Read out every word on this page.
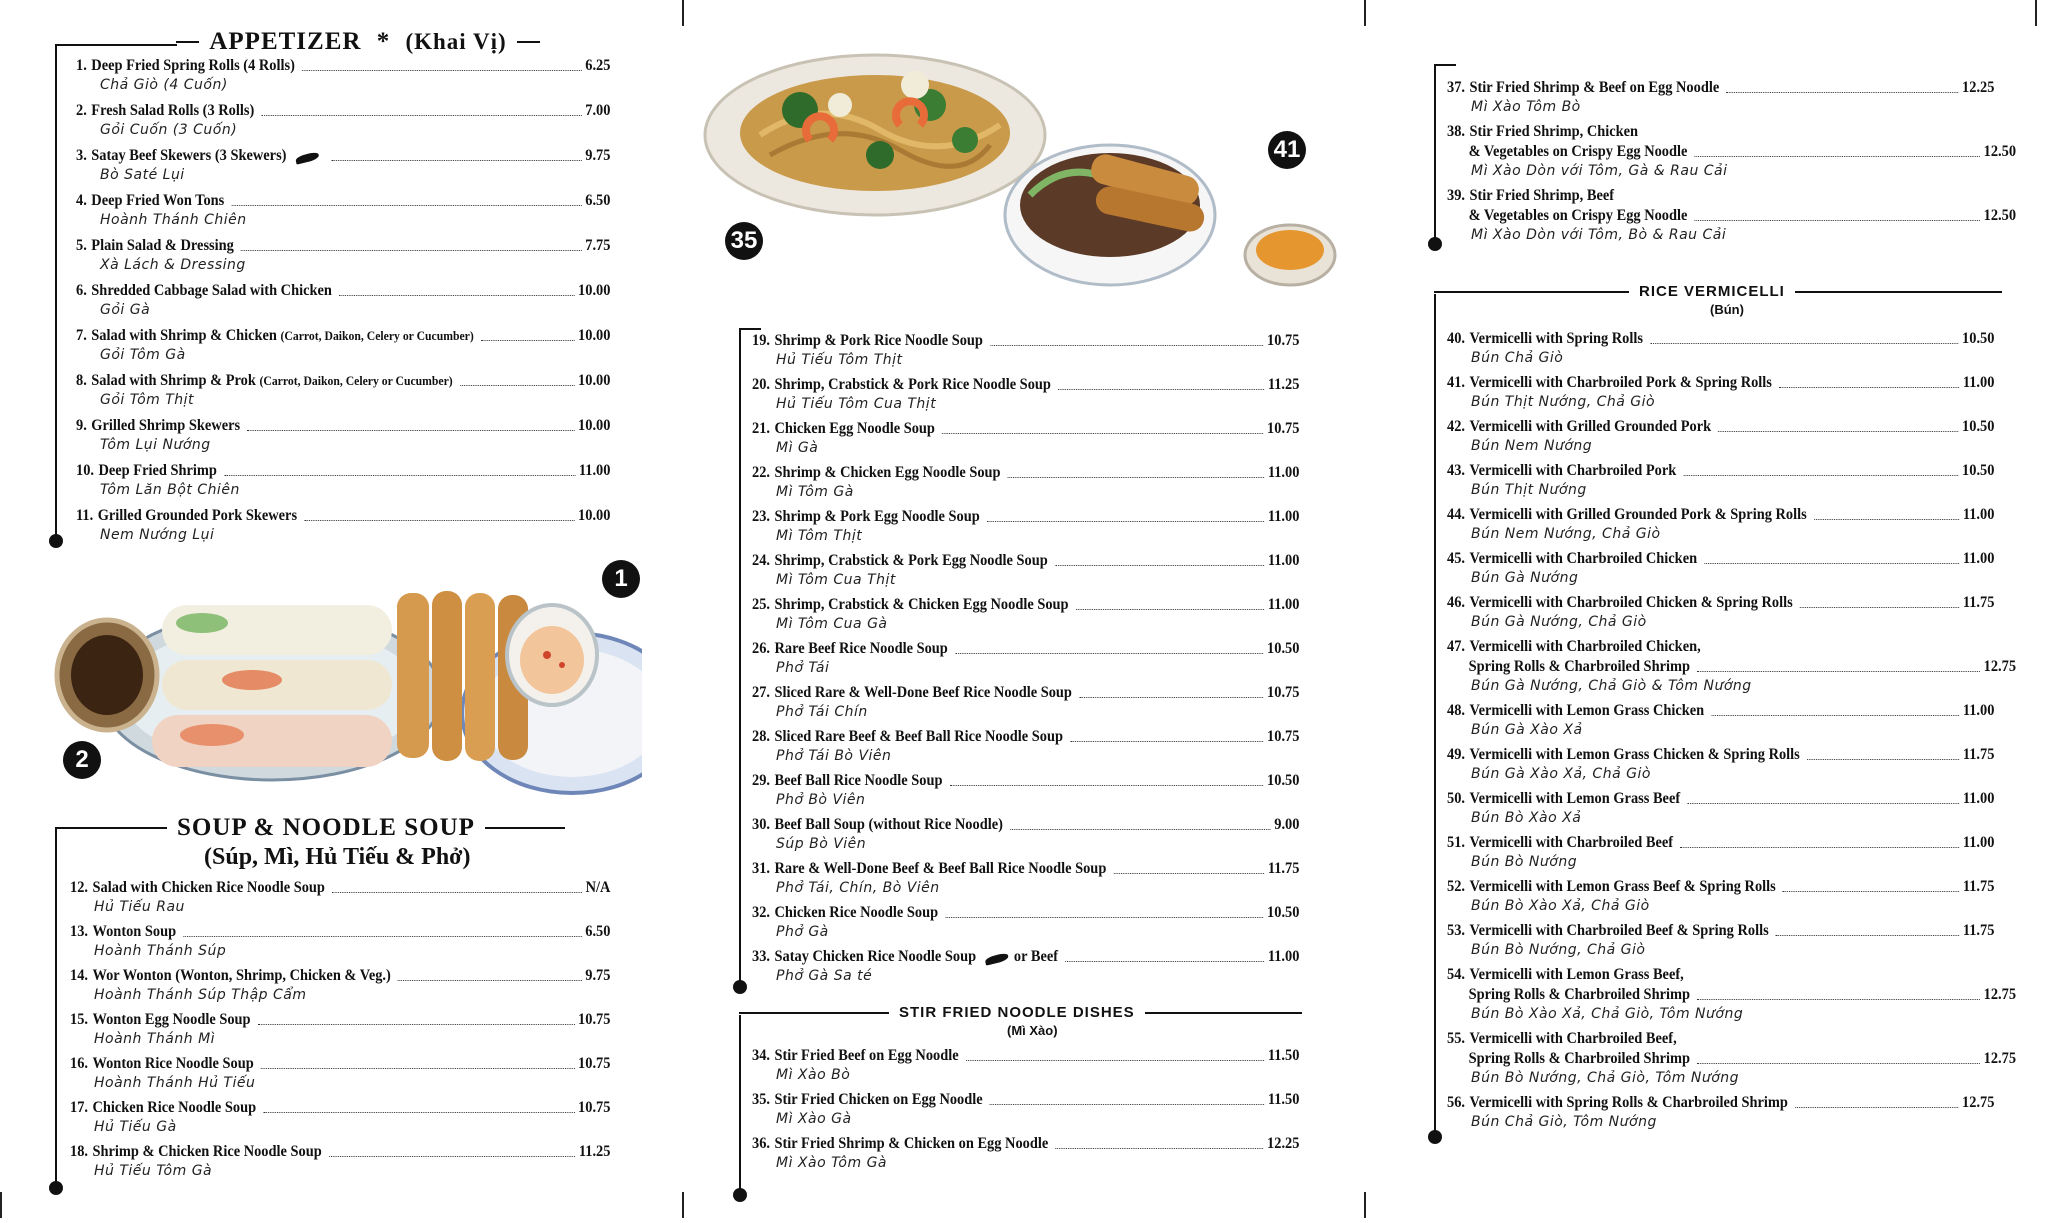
APPETIZER * (Khai Vị)
1. Deep Fried Spring Rolls (4 Rolls)	6.25
Chả Giò (4 Cuốn)
2. Fresh Salad Rolls (3 Rolls)	7.00
Gỏi Cuốn (3 Cuốn)
3. Satay Beef Skewers (3 Skewers)	9.75
Bò Saté Lụi
4. Deep Fried Won Tons	6.50
Hoành Thánh Chiên
5. Plain Salad & Dressing	7.75
Xà Lách & Dressing
6. Shredded Cabbage Salad with Chicken	10.00
Gỏi Gà
7. Salad with Shrimp & Chicken (Carrot, Daikon, Celery or Cucumber)	10.00
Gỏi Tôm Gà
8. Salad with Shrimp & Prok (Carrot, Daikon, Celery or Cucumber)	10.00
Gỏi Tôm Thịt
9. Grilled Shrimp Skewers	10.00
Tôm Lụi Nướng
10. Deep Fried Shrimp	11.00
Tôm Lăn Bột Chiên
11. Grilled Grounded Pork Skewers	10.00
Nem Nướng Lụi
1
2
SOUP & NOODLE SOUP
(Súp, Mì, Hủ Tiếu & Phở)
12. Salad with Chicken Rice Noodle Soup	N/A
Hủ Tiếu Rau
13. Wonton Soup	6.50
Hoành Thánh Súp
14. Wor Wonton (Wonton, Shrimp, Chicken & Veg.)	9.75
Hoành Thánh Súp Thập Cẩm
15. Wonton Egg Noodle Soup	10.75
Hoành Thánh Mì
16. Wonton Rice Noodle Soup	10.75
Hoành Thánh Hủ Tiếu
17. Chicken Rice Noodle Soup	10.75
Hủ Tiếu Gà
18. Shrimp & Chicken Rice Noodle Soup	11.25
Hủ Tiếu Tôm Gà
35
41
19. Shrimp & Pork Rice Noodle Soup	10.75
Hủ Tiếu Tôm Thịt
20. Shrimp, Crabstick & Pork Rice Noodle Soup	11.25
Hủ Tiếu Tôm Cua Thịt
21. Chicken Egg Noodle Soup	10.75
Mì Gà
22. Shrimp & Chicken Egg Noodle Soup	11.00
Mì Tôm Gà
23. Shrimp & Pork Egg Noodle Soup	11.00
Mì Tôm Thịt
24. Shrimp, Crabstick & Pork Egg Noodle Soup	11.00
Mì Tôm Cua Thịt
25. Shrimp, Crabstick & Chicken Egg Noodle Soup	11.00
Mì Tôm Cua Gà
26. Rare Beef Rice Noodle Soup	10.50
Phở Tái
27. Sliced Rare & Well-Done Beef Rice Noodle Soup	10.75
Phở Tái Chín
28. Sliced Rare Beef & Beef Ball Rice Noodle Soup	10.75
Phở Tái Bò Viên
29. Beef Ball Rice Noodle Soup	10.50
Phở Bò Viên
30. Beef Ball Soup (without Rice Noodle)	9.00
Súp Bò Viên
31. Rare & Well-Done Beef & Beef Ball Rice Noodle Soup	11.75
Phở Tái, Chín, Bò Viên
32. Chicken Rice Noodle Soup	10.50
Phở Gà
33. Satay Chicken Rice Noodle Soup or Beef	11.00
Phở Gà Sa té
STIR FRIED NOODLE DISHES
(Mì Xào)
34. Stir Fried Beef on Egg Noodle	11.50
Mì Xào Bò
35. Stir Fried Chicken on Egg Noodle	11.50
Mì Xào Gà
36. Stir Fried Shrimp & Chicken on Egg Noodle	12.25
Mì Xào Tôm Gà
37. Stir Fried Shrimp & Beef on Egg Noodle	12.25
Mì Xào Tôm Bò
38. Stir Fried Shrimp, Chicken
& Vegetables on Crispy Egg Noodle	12.50
Mì Xào Dòn với Tôm, Gà & Rau Cải
39. Stir Fried Shrimp, Beef
& Vegetables on Crispy Egg Noodle	12.50
Mì Xào Dòn với Tôm, Bò & Rau Cải
RICE VERMICELLI
(Bún)
40. Vermicelli with Spring Rolls	10.50
Bún Chả Giò
41. Vermicelli with Charbroiled Pork & Spring Rolls	11.00
Bún Thịt Nướng, Chả Giò
42. Vermicelli with Grilled Grounded Pork	10.50
Bún Nem Nướng
43. Vermicelli with Charbroiled Pork	10.50
Bún Thịt Nướng
44. Vermicelli with Grilled Grounded Pork & Spring Rolls	11.00
Bún Nem Nướng, Chả Giò
45. Vermicelli with Charbroiled Chicken	11.00
Bún Gà Nướng
46. Vermicelli with Charbroiled Chicken & Spring Rolls	11.75
Bún Gà Nướng, Chả Giò
47. Vermicelli with Charbroiled Chicken,
Spring Rolls & Charbroiled Shrimp	12.75
Bún Gà Nướng, Chả Giò & Tôm Nướng
48. Vermicelli with Lemon Grass Chicken	11.00
Bún Gà Xào Xả
49. Vermicelli with Lemon Grass Chicken & Spring Rolls	11.75
Bún Gà Xào Xả, Chả Giò
50. Vermicelli with Lemon Grass Beef	11.00
Bún Bò Xào Xả
51. Vermicelli with Charbroiled Beef	11.00
Bún Bò Nướng
52. Vermicelli with Lemon Grass Beef & Spring Rolls	11.75
Bún Bò Xào Xả, Chả Giò
53. Vermicelli with Charbroiled Beef & Spring Rolls	11.75
Bún Bò Nướng, Chả Giò
54. Vermicelli with Lemon Grass Beef,
Spring Rolls & Charbroiled Shrimp	12.75
Bún Bò Xào Xả, Chả Giò, Tôm Nướng
55. Vermicelli with Charbroiled Beef,
Spring Rolls & Charbroiled Shrimp	12.75
Bún Bò Nướng, Chả Giò, Tôm Nướng
56. Vermicelli with Spring Rolls & Charbroiled Shrimp	12.75
Bún Chả Giò, Tôm Nướng
